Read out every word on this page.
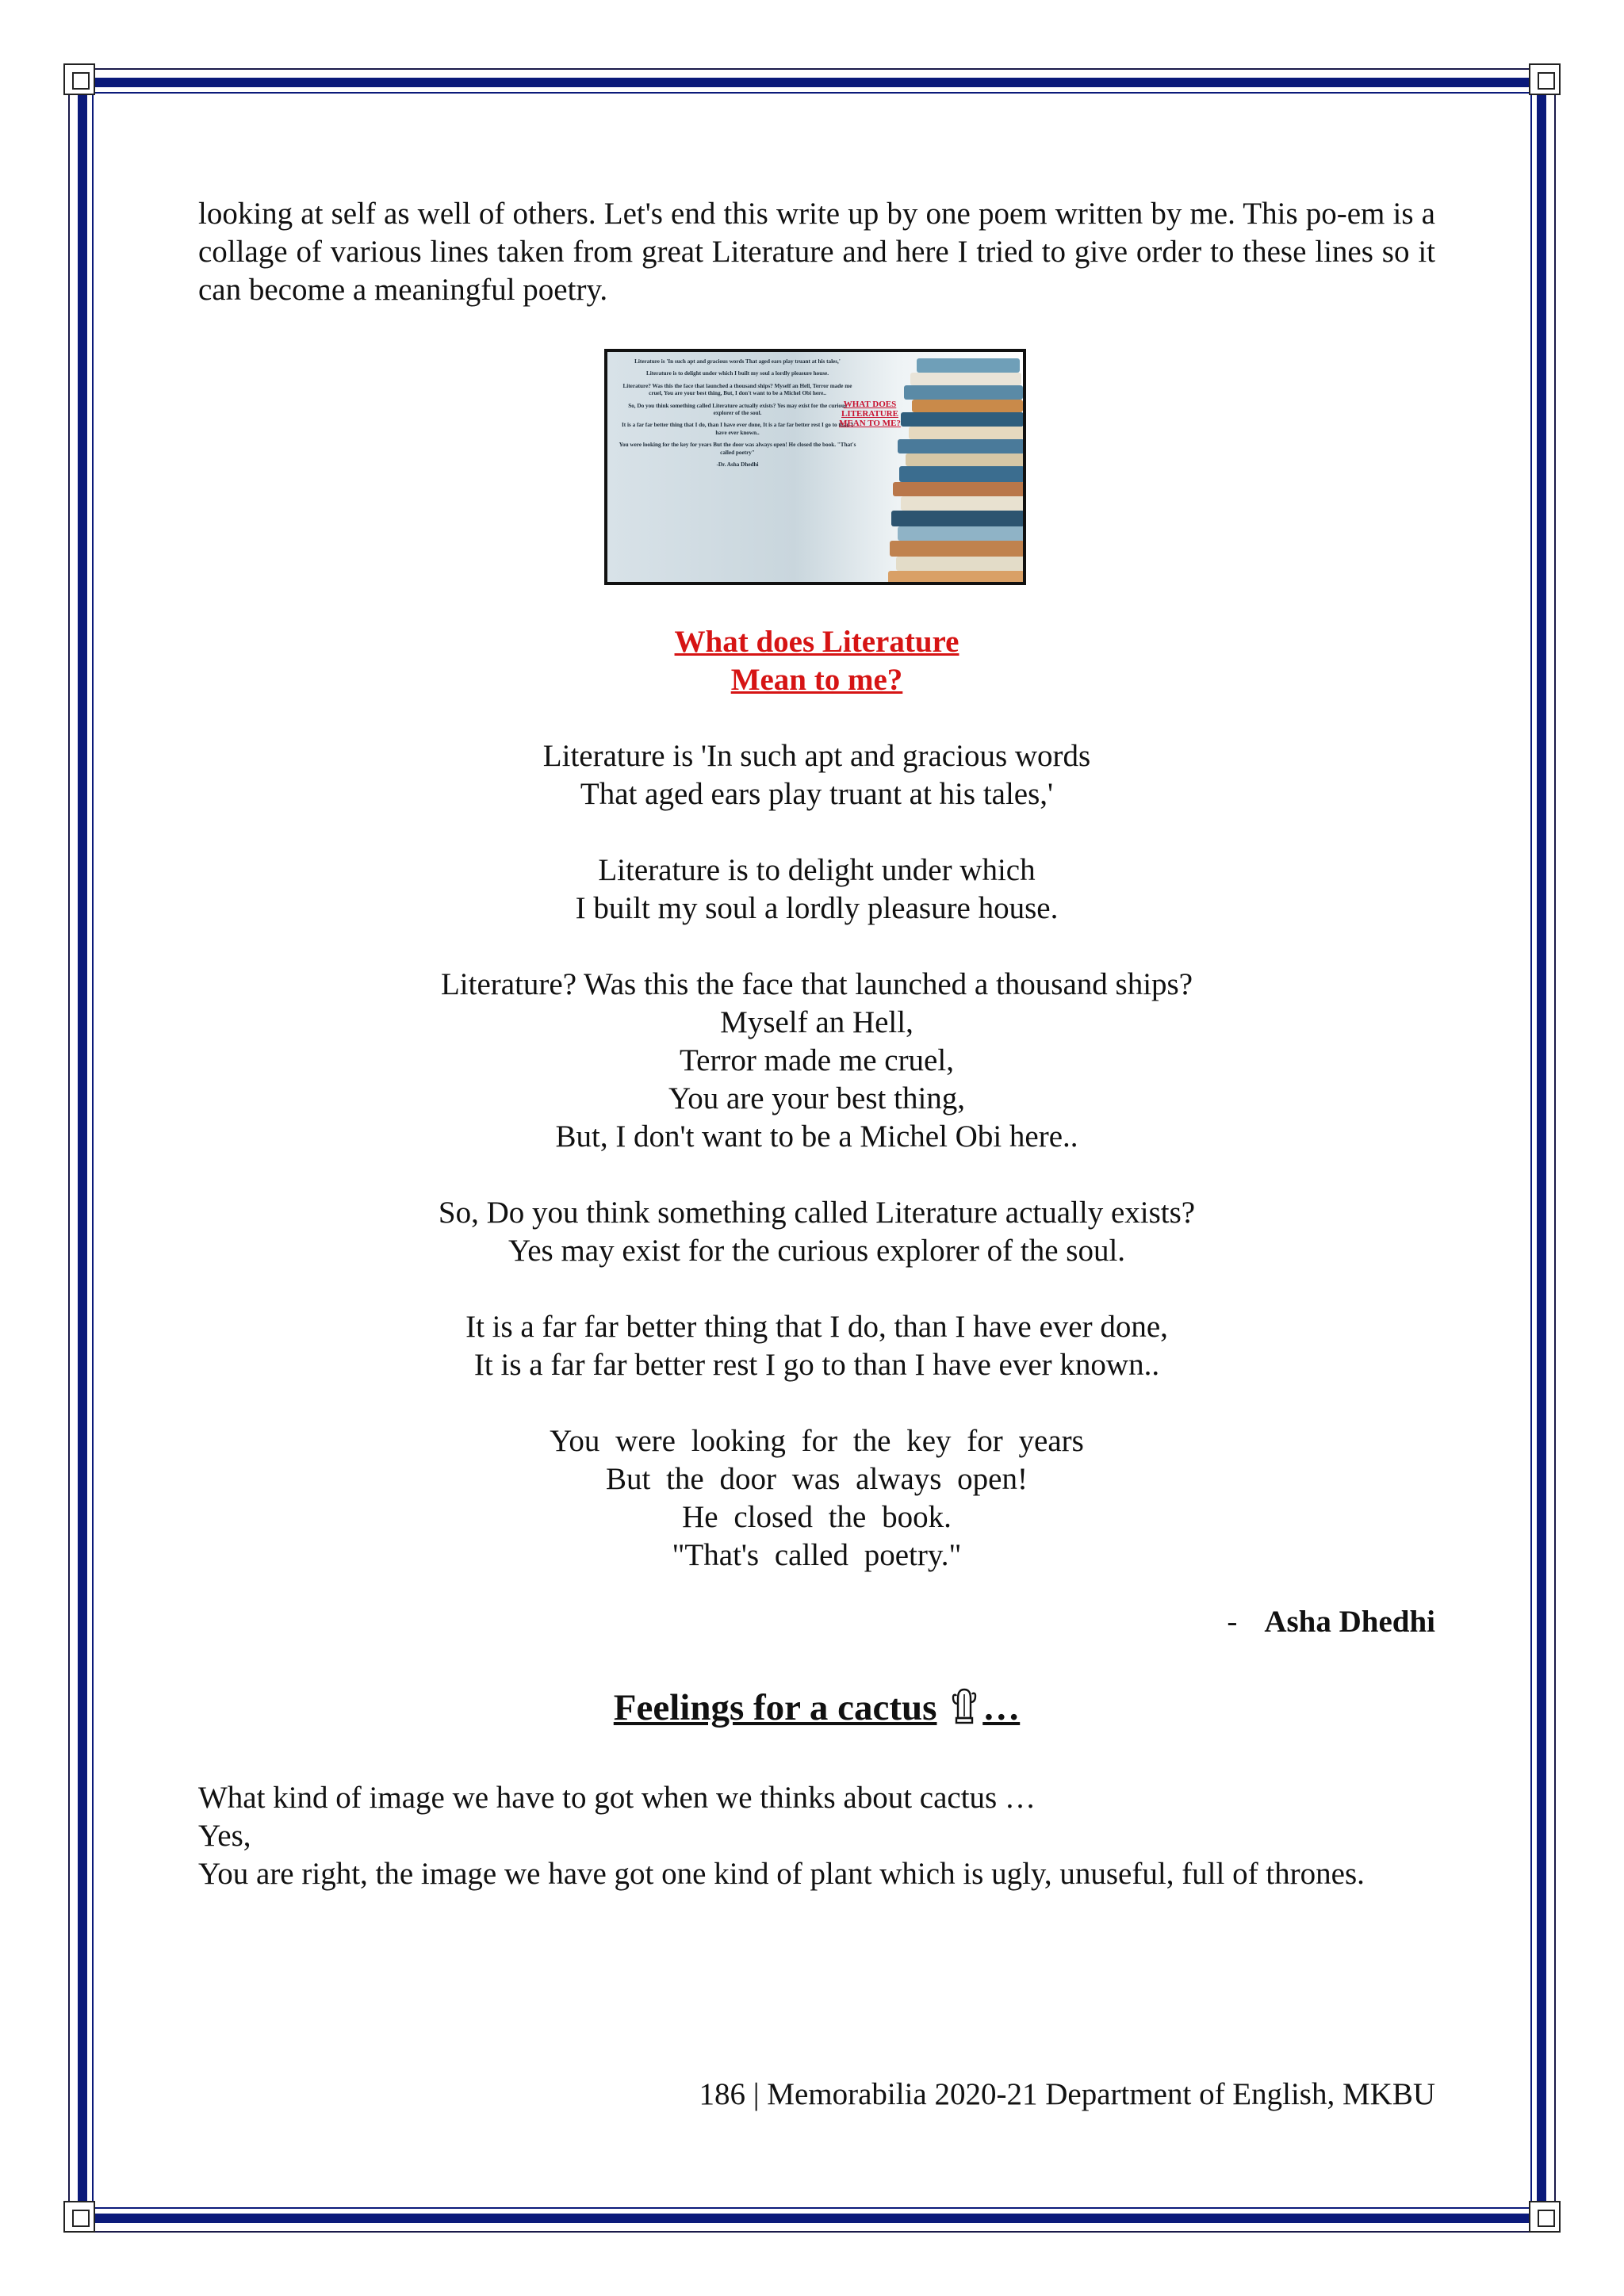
looking at self as well of others. Let's end this write up by one poem written by me. This po-em is a collage of various lines taken from great Literature and here I tried to give order to these lines so it can become a meaningful poetry.

Literature is 'In such apt and gracious words That aged ears play truant at his tales,'

Literature is to delight under which I built my soul a lordly pleasure house.

Literature? Was this the face that launched a thousand ships? Myself an Hell, Terror made me cruel, You are your best thing, But, I don't want to be a Michel Obi here..

So, Do you think something called Literature actually exists? Yes may exist for the curious explorer of the soul.

It is a far far better thing that I do, than I have ever done, It is a far far better rest I go to than I have ever known..

You were looking for the key for years But the door was always open! He closed the book. "That's called poetry"

-Dr. Asha Dhedhi

WHAT DOES LITERATURE MEAN TO ME?
What does Literature
Mean to me?
Literature is 'In such apt and gracious words
That aged ears play truant at his tales,'
Literature is to delight under which
I built my soul a lordly pleasure house.
Literature? Was this the face that launched a thousand ships?
Myself an Hell,
Terror made me cruel,
You are your best thing,
But, I don't want to be a Michel Obi here..
So, Do you think something called Literature actually exists?
Yes may exist for the curious explorer of the soul.
It is a far far better thing that I do, than I have ever done,
It is a far far better rest I go to than I have ever known..
You were looking for the key for years
But the door was always open!
He closed the book.
"That's called poetry."
- Asha Dhedhi
Feelings for a cactus …
What kind of image we have to got when we thinks about cactus …
Yes,
You are right, the image we have got one kind of plant which is ugly, unuseful, full of thrones.
186 | Memorabilia 2020-21 Department of English, MKBU
